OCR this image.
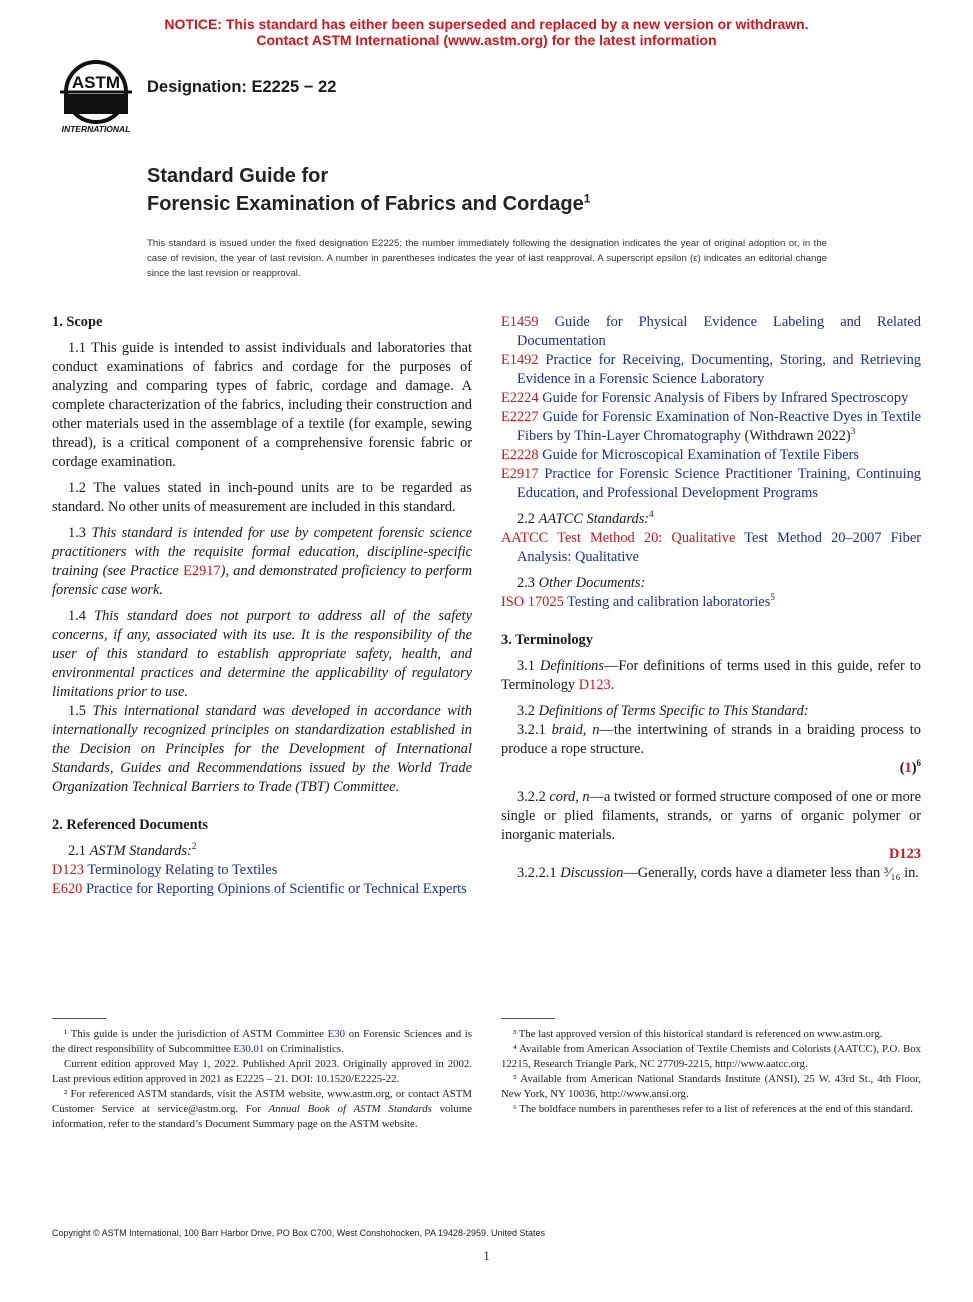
NOTICE: This standard has either been superseded and replaced by a new version or withdrawn.
Contact ASTM International (www.astm.org) for the latest information
ASTM
INTERNATIONAL
Designation: E2225 − 22
Standard Guide for
Forensic Examination of Fabrics and Cordage$^1$
This standard is issued under the fixed designation E2225; the number immediately following the designation indicates the year of original adoption or, in the case of revision, the year of last revision. A number in parentheses indicates the year of last reapproval. A superscript epsilon (ε) indicates an editorial change since the last revision or reapproval.

1. Scope

1.1 This guide is intended to assist individuals and laboratories that conduct examinations of fabrics and cordage for the purposes of analyzing and comparing types of fabric, cordage and damage. A complete characterization of the fabrics, including their construction and other materials used in the assemblage of a textile (for example, sewing thread), is a critical component of a comprehensive forensic fabric or cordage examination.

1.2 The values stated in inch-pound units are to be regarded as standard. No other units of measurement are included in this standard.

1.3 This standard is intended for use by competent forensic science practitioners with the requisite formal education, discipline-specific training (see Practice E2917), and demonstrated proficiency to perform forensic case work.

1.4 This standard does not purport to address all of the safety concerns, if any, associated with its use. It is the responsibility of the user of this standard to establish appropriate safety, health, and environmental practices and determine the applicability of regulatory limitations prior to use.

1.5 This international standard was developed in accordance with internationally recognized principles on standardization established in the Decision on Principles for the Development of International Standards, Guides and Recommendations issued by the World Trade Organization Technical Barriers to Trade (TBT) Committee.

2. Referenced Documents

2.1 ASTM Standards:$^2$

D123 Terminology Relating to Textiles

E620 Practice for Reporting Opinions of Scientific or Technical Experts

E1459 Guide for Physical Evidence Labeling and Related Documentation

E1492 Practice for Receiving, Documenting, Storing, and Retrieving Evidence in a Forensic Science Laboratory

E2224 Guide for Forensic Analysis of Fibers by Infrared Spectroscopy

E2227 Guide for Forensic Examination of Non-Reactive Dyes in Textile Fibers by Thin-Layer Chromatography (Withdrawn 2022)$^3$

E2228 Guide for Microscopical Examination of Textile Fibers

E2917 Practice for Forensic Science Practitioner Training, Continuing Education, and Professional Development Programs

2.2 AATCC Standards:$^4$

AATCC Test Method 20: Qualitative Test Method 20–2007 Fiber Analysis: Qualitative

2.3 Other Documents:

ISO 17025 Testing and calibration laboratories$^5$

3. Terminology

3.1 Definitions—For definitions of terms used in this guide, refer to Terminology D123.

3.2 Definitions of Terms Specific to This Standard:

3.2.1 braid, n—the intertwining of strands in a braiding process to produce a rope structure.

$(1)^6$

3.2.2 cord, n—a twisted or formed structure composed of one or more single or plied filaments, strands, or yarns of organic polymer or inorganic materials.

D123

3.2.2.1 Discussion—Generally, cords have a diameter less than ³⁄₁₆ in.

¹ This guide is under the jurisdiction of ASTM Committee E30 on Forensic Sciences and is the direct responsibility of Subcommittee E30.01 on Criminalistics.

Current edition approved May 1, 2022. Published April 2023. Originally approved in 2002. Last previous edition approved in 2021 as E2225 – 21. DOI: 10.1520/E2225-22.

² For referenced ASTM standards, visit the ASTM website, www.astm.org, or contact ASTM Customer Service at service@astm.org. For Annual Book of ASTM Standards volume information, refer to the standard’s Document Summary page on the ASTM website.

³ The last approved version of this historical standard is referenced on www.astm.org.

⁴ Available from American Association of Textile Chemists and Colorists (AATCC), P.O. Box 12215, Research Triangle Park, NC 27709-2215, http://www.aatcc.org.

⁵ Available from American National Standards Institute (ANSI), 25 W. 43rd St., 4th Floor, New York, NY 10036, http://www.ansi.org.

⁶ The boldface numbers in parentheses refer to a list of references at the end of this standard.

Copyright © ASTM International, 100 Barr Harbor Drive, PO Box C700, West Conshohocken, PA 19428-2959. United States
1
